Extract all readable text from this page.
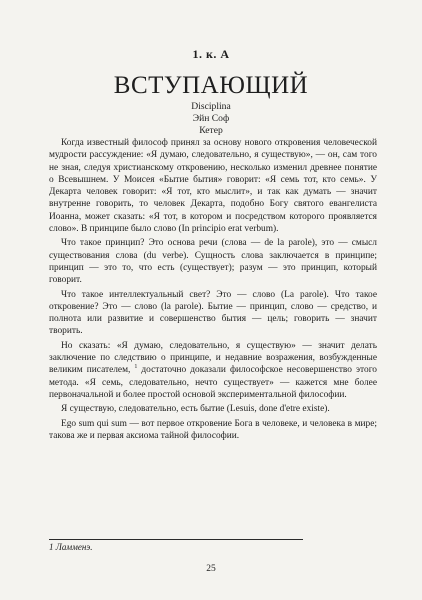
1. к. А
ВСТУПАЮЩИЙ
Disciplina
Эйн Соф
Кетер

Когда известный философ принял за основу нового откровения человеческой мудрости рассуждение: «Я думаю, следовательно, я существую», — он, сам того не зная, следуя христианскому откровению, несколько изменил древнее понятие о Всевышнем. У Моисея «Бытие бытия» говорит: «Я семь тот, кто семь». У Декарта человек говорит: «Я тот, кто мыслит», и так как думать — значит внутренне говорить, то человек Декарта, подобно Богу святого евангелиста Иоанна, может сказать: «Я тот, в котором и посредством которого проявляется слово». В принципе было слово (In principio erat verbum).

Что такое принцип? Это основа речи (слова — de la parole), это — смысл существования слова (du verbe). Сущность слова заключается в принципе; принцип — это то, что есть (существует); разум — это принцип, который говорит.

Что такое интеллектуальный свет? Это — слово (La parole). Что такое откровение? Это — слово (la parole). Бытие — принцип, слово — средство, и полнота или развитие и совершенство бытия — цель; говорить — значит творить.

Но сказать: «Я думаю, следовательно, я существую» — значит делать заключение по следствию о принципе, и недавние возражения, возбужденные великим писателем, $^1$ достаточно доказали философское несовершенство этого метода. «Я семь, следовательно, нечто существует» — кажется мне более первоначальной и более простой основой экспериментальной философии.

Я существую, следовательно, есть бытие (Lesuis, done d'etre existe).

Ego sum qui sum — вот первое откровение Бога в человеке, и человека в мире; такова же и первая аксиома тайной философии.

1 Ламменэ.
25
